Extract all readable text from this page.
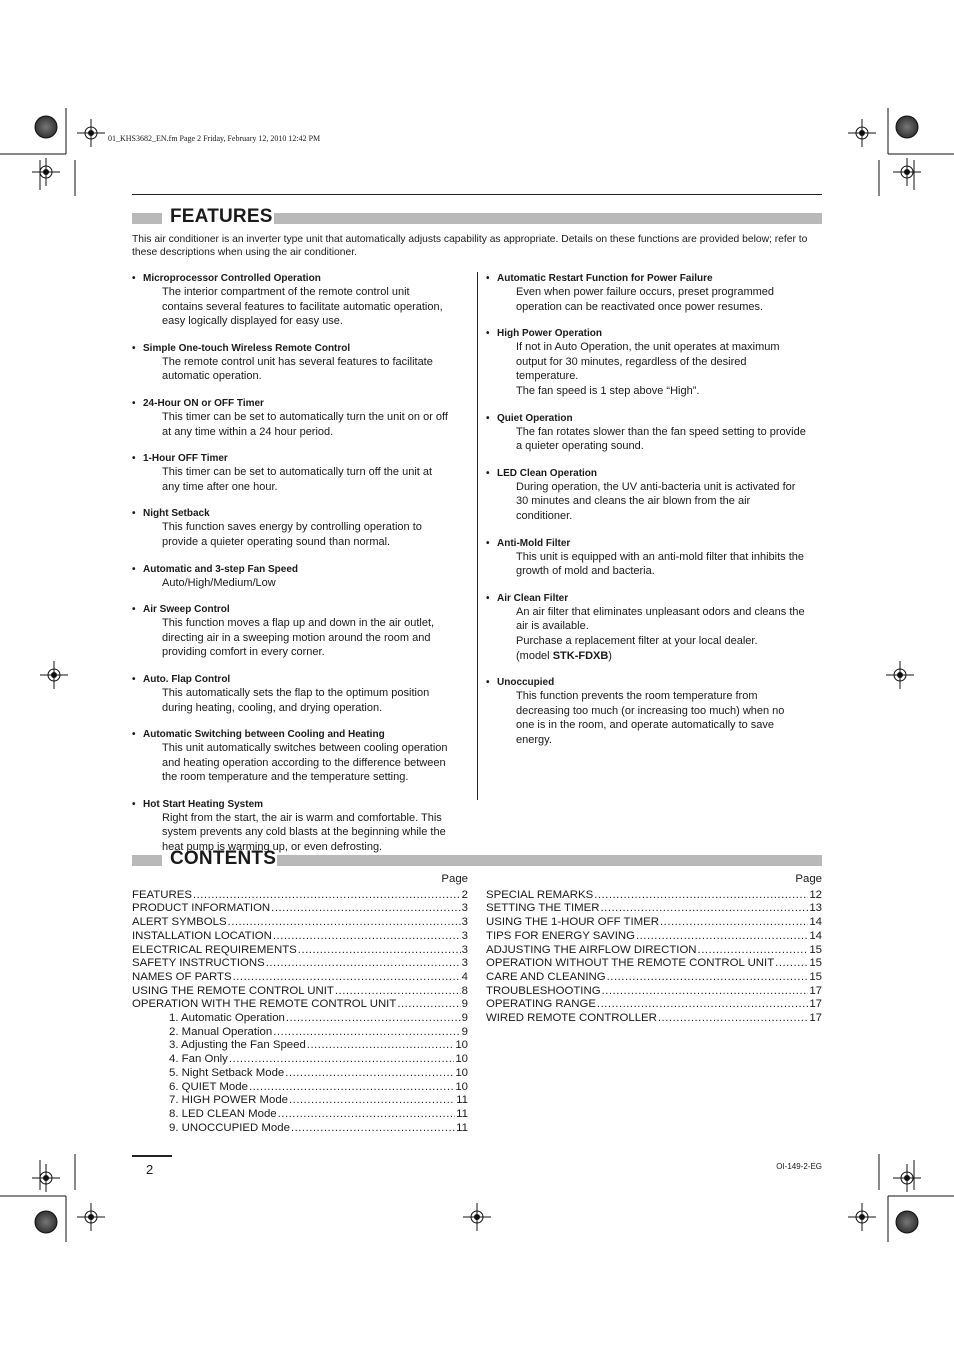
01_KHS3682_EN.fm Page 2 Friday, February 12, 2010 12:42 PM
FEATURES
This air conditioner is an inverter type unit that automatically adjusts capability as appropriate. Details on these functions are provided below; refer to these descriptions when using the air conditioner.
• Microprocessor Controlled Operation
The interior compartment of the remote control unit
contains several features to facilitate automatic operation,
easy logically displayed for easy use.
• Simple One-touch Wireless Remote Control
The remote control unit has several features to facilitate
automatic operation.
• 24-Hour ON or OFF Timer
This timer can be set to automatically turn the unit on or off
at any time within a 24 hour period.
• 1-Hour OFF Timer
This timer can be set to automatically turn off the unit at
any time after one hour.
• Night Setback
This function saves energy by controlling operation to
provide a quieter operating sound than normal.
• Automatic and 3-step Fan Speed
Auto/High/Medium/Low
• Air Sweep Control
This function moves a flap up and down in the air outlet,
directing air in a sweeping motion around the room and
providing comfort in every corner.
• Auto. Flap Control
This automatically sets the flap to the optimum position
during heating, cooling, and drying operation.
• Automatic Switching between Cooling and Heating
This unit automatically switches between cooling operation
and heating operation according to the difference between
the room temperature and the temperature setting.
• Hot Start Heating System
Right from the start, the air is warm and comfortable. This
system prevents any cold blasts at the beginning while the
heat pump is warming up, or even defrosting.
• Automatic Restart Function for Power Failure
Even when power failure occurs, preset programmed
operation can be reactivated once power resumes.
• High Power Operation
If not in Auto Operation, the unit operates at maximum
output for 30 minutes, regardless of the desired
temperature.
The fan speed is 1 step above “High”.
• Quiet Operation
The fan rotates slower than the fan speed setting to provide
a quieter operating sound.
• LED Clean Operation
During operation, the UV anti-bacteria unit is activated for
30 minutes and cleans the air blown from the air
conditioner.
• Anti-Mold Filter
This unit is equipped with an anti-mold filter that inhibits the
growth of mold and bacteria.
• Air Clean Filter
An air filter that eliminates unpleasant odors and cleans the
air is available.
Purchase a replacement filter at your local dealer.
(model STK-FDXB)
• Unoccupied
This function prevents the room temperature from
decreasing too much (or increasing too much) when no
one is in the room, and operate automatically to save
energy.
CONTENTS
Page
FEATURES .....	2
PRODUCT INFORMATION .....	3
ALERT SYMBOLS .....	3
INSTALLATION LOCATION .....	3
ELECTRICAL REQUIREMENTS .....	3
SAFETY INSTRUCTIONS .....	3
NAMES OF PARTS .....	4
USING THE REMOTE CONTROL UNIT .....	8
OPERATION WITH THE REMOTE CONTROL UNIT .....	9
1. Automatic Operation .....	9
2. Manual Operation .....	9
3. Adjusting the Fan Speed .....	10
4. Fan Only .....	10
5. Night Setback Mode .....	10
6. QUIET Mode .....	10
7. HIGH POWER Mode .....	11
8. LED CLEAN Mode .....	11
9. UNOCCUPIED Mode .....	11
Page
SPECIAL REMARKS .....	12
SETTING THE TIMER .....	13
USING THE 1-HOUR OFF TIMER .....	14
TIPS FOR ENERGY SAVING .....	14
ADJUSTING THE AIRFLOW DIRECTION .....	15
OPERATION WITHOUT THE REMOTE CONTROL UNIT .....	15
CARE AND CLEANING .....	15
TROUBLESHOOTING .....	17
OPERATING RANGE .....	17
WIRED REMOTE CONTROLLER .....	17
2	OI-149-2-EG
